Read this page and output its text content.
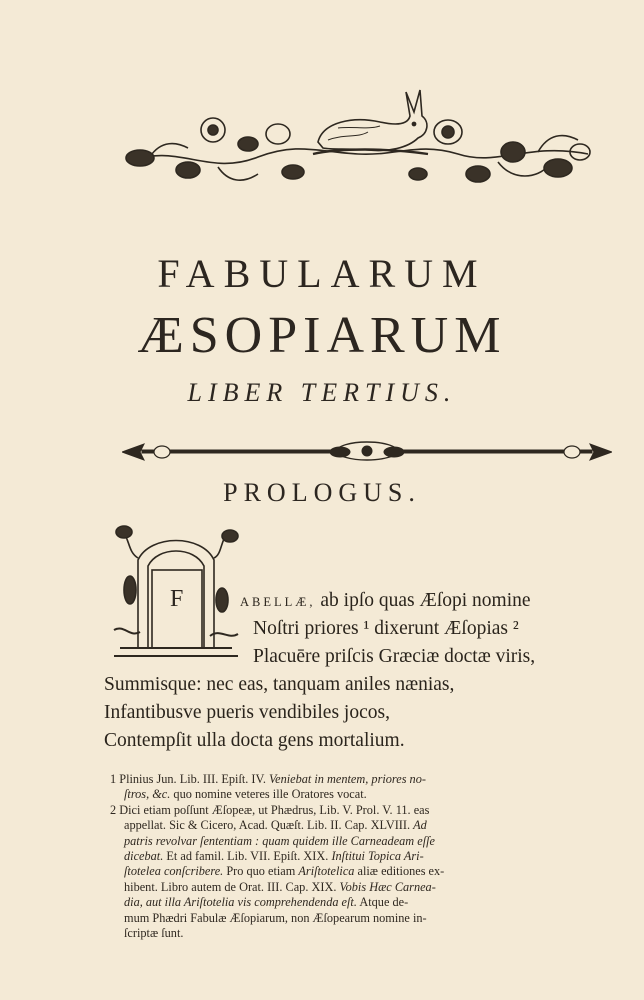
FABULARUM
ÆSOPIARUM
LIBER TERTIUS.
PROLOGUS.
F	ABELLÆ, ab ipſo quas Æſopi nomine
Noſtri priores ¹ dixerunt Æſopias ²
Placuēre priſcis Græciæ doctæ viris,
Summisque: nec eas, tanquam aniles nænias,
Infantibusve pueris vendibiles jocos,
Contempſit ulla docta gens mortalium.
1 Plinius Jun. Lib. III. Epiſt. IV. Veniebat in mentem, priores no-
ſtros, &c. quo nomine veteres ille Oratores vocat.
2 Dici etiam poſſunt Æſopeæ, ut Phædrus, Lib. V. Prol. V. 11. eas
appellat. Sic & Cicero, Acad. Quæſt. Lib. II. Cap. XLVIII. Ad
patris revolvar ſententiam : quam quidem ille Carneadeam eſſe
dicebat. Et ad famil. Lib. VII. Epiſt. XIX. Inſtitui Topica Ari-
ſtotelea conſcribere. Pro quo etiam Ariſtotelica aliæ editiones ex-
hibent. Libro autem de Orat. III. Cap. XIX. Vobis Hæc Carnea-
dia, aut illa Ariſtotelia vis comprehendenda eſt. Atque de-
mum Phædri Fabulæ Æſopiarum, non Æſopearum nomine in-
ſcriptæ ſunt.
